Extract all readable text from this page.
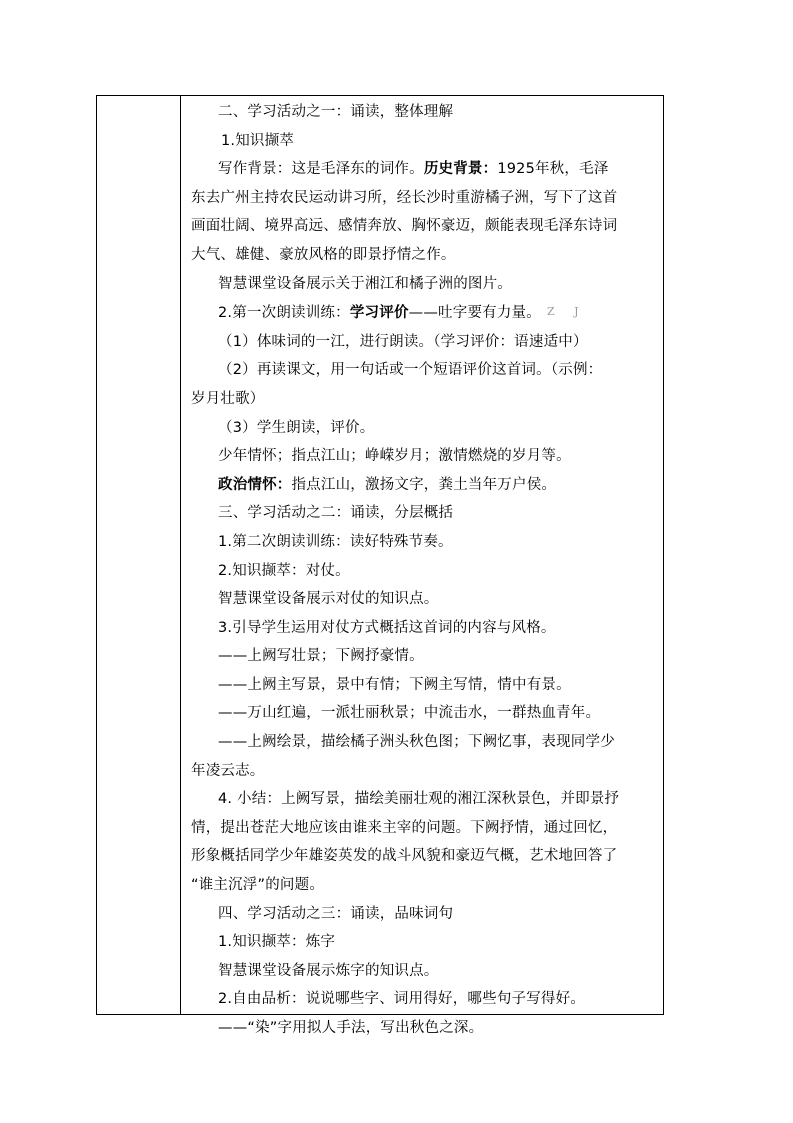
二、学习活动之一：诵读，整体理解
1.知识撷萃
写作背景：这是毛泽东的词作。历史背景：1925年秋，毛泽
东去广州主持农民运动讲习所，经长沙时重游橘子洲，写下了这首
画面壮阔、境界高远、感情奔放、胸怀豪迈，颇能表现毛泽东诗词
大气、雄健、豪放风格的即景抒情之作。
智慧课堂设备展示关于湘江和橘子洲的图片。
2.第一次朗读训练：学习评价——吐字要有力量。 Z J
（1）体味词的一江，进行朗读。（学习评价：语速适中）
（2）再读课文，用一句话或一个短语评价这首词。（示例：
岁月壮歌）
（3）学生朗读，评价。
少年情怀；指点江山；峥嵘岁月；激情燃烧的岁月等。
政治情怀：指点江山，激扬文字，粪土当年万户侯。
三、学习活动之二：诵读，分层概括
1.第二次朗读训练：读好特殊节奏。
2.知识撷萃：对仗。
智慧课堂设备展示对仗的知识点。
3.引导学生运用对仗方式概括这首词的内容与风格。
——上阙写壮景；下阙抒豪情。
——上阙主写景，景中有情；下阙主写情，情中有景。
——万山红遍，一派壮丽秋景；中流击水，一群热血青年。
——上阙绘景，描绘橘子洲头秋色图；下阙忆事，表现同学少
年凌云志。
4. 小结：上阙写景，描绘美丽壮观的湘江深秋景色，并即景抒
情，提出苍茫大地应该由谁来主宰的问题。下阙抒情，通过回忆，
形象概括同学少年雄姿英发的战斗风貌和豪迈气概，艺术地回答了
“谁主沉浮”的问题。
四、学习活动之三：诵读，品味词句
1.知识撷萃：炼字
智慧课堂设备展示炼字的知识点。
2.自由品析：说说哪些字、词用得好，哪些句子写得好。
——“染”字用拟人手法，写出秋色之深。
